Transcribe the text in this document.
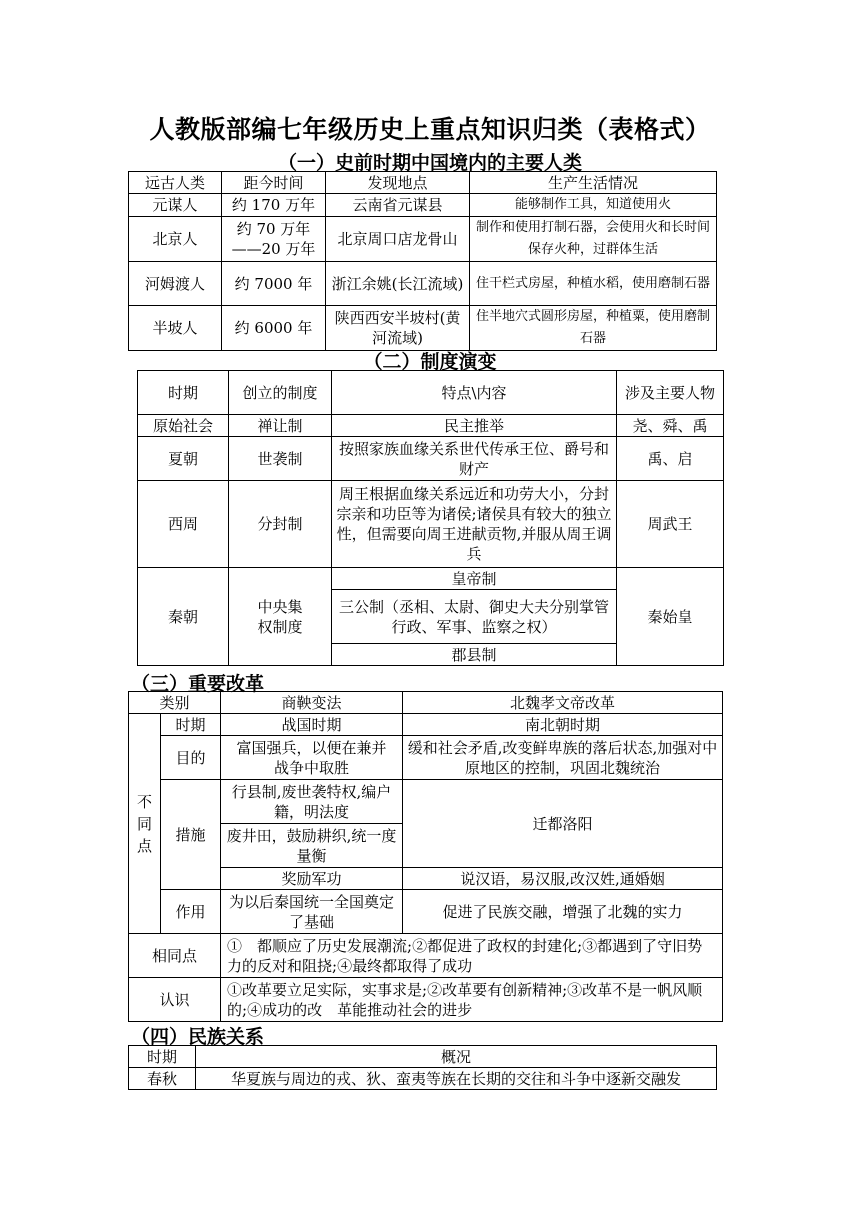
人教版部编七年级历史上重点知识归类（表格式）
（一）史前时期中国境内的主要人类
远古人类	距今时间	发现地点	生产生活情况
元谋人	约 170 万年	云南省元谋县	能够制作工具，知道使用火
北京人	约 70 万年——20 万年	北京周口店龙骨山	制作和使用打制石器，会使用火和长时间保存火种，过群体生活
河姆渡人	约 7000 年	浙江余姚(长江流域)	住干栏式房屋，种植水稻，使用磨制石器
半坡人	约 6000 年	陕西西安半坡村(黄河流域)	住半地穴式圆形房屋，种植粟，使用磨制石器
（二）制度演变
时期	创立的制度	特点\内容	涉及主要人物
原始社会	禅让制	民主推举	尧、舜、禹
夏朝	世袭制	按照家族血缘关系世代传承王位、爵号和财产	禹、启
西周	分封制	周王根据血缘关系远近和功劳大小，分封宗亲和功臣等为诸侯;诸侯具有较大的独立性，但需要向周王进献贡物,并服从周王调兵	周武王
秦朝	中央集权制度	皇帝制	秦始皇
		三公制（丞相、太尉、御史大夫分别掌管行政、军事、监察之权）	
		郡县制	
（三）重要改革
类别		商鞅变法	北魏孝文帝改革
不同点	时期	战国时期	南北朝时期
	目的	富国强兵，以便在兼并战争中取胜	缓和社会矛盾,改变鲜卑族的落后状态,加强对中原地区的控制，巩固北魏统治
	措施	行县制,废世袭特权,编户籍，明法度	迁都洛阳
		废井田，鼓励耕织,统一度量衡	
		奖励军功	说汉语，易汉服,改汉姓,通婚姻
	作用	为以后秦国统一全国奠定了基础	促进了民族交融，增强了北魏的实力

相同点		①　都顺应了历史发展潮流;②都促进了政权的封建化;③都遇到了守旧势力的反对和阻挠;④最终都取得了成功	
认识		①改革要立足实际，实事求是;②改革要有创新精神;③改革不是一帆风顺的;④成功的改　革能推动社会的进步	
（四）民族关系
时期	概况
春秋	华夏族与周边的戎、狄、蛮夷等族在长期的交往和斗争中逐新交融发
